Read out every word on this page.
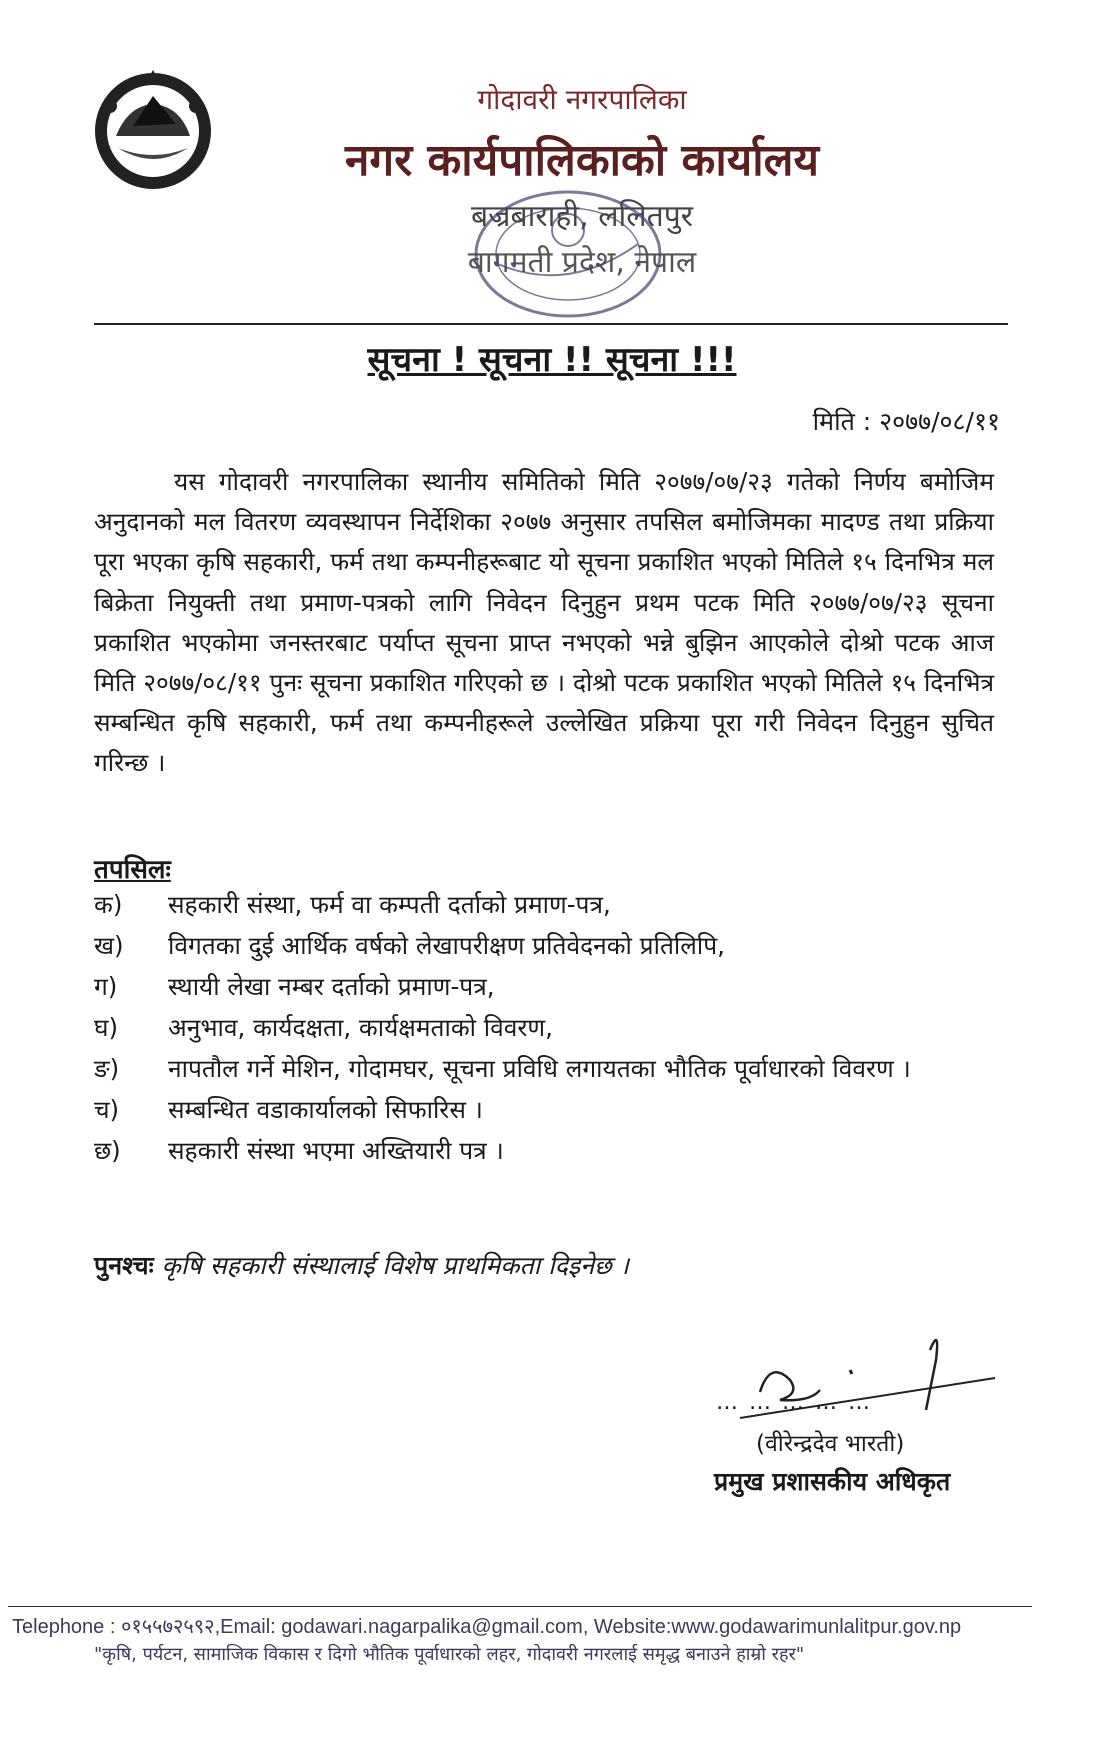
गोदावरी नगरपालिका
नगर कार्यपालिकाको कार्यालय
बज्रबाराही, ललितपुर
बागमती प्रदेश, नेपाल
सूचना ! सूचना !! सूचना !!!
मिति : २०७७/०८/११
यस गोदावरी नगरपालिका स्थानीय समितिको मिति २०७७/०७/२३ गतेको निर्णय बमोजिम अनुदानको मल वितरण व्यवस्थापन निर्देशिका २०७७ अनुसार तपसिल बमोजिमका मादण्ड तथा प्रक्रिया पूरा भएका कृषि सहकारी, फर्म तथा कम्पनीहरूबाट यो सूचना प्रकाशित भएको मितिले १५ दिनभित्र मल बिक्रेता नियुक्ती तथा प्रमाण-पत्रको लागि निवेदन दिनुहुन प्रथम पटक मिति २०७७/०७/२३ सूचना प्रकाशित भएकोमा जनस्तरबाट पर्याप्त सूचना प्राप्त नभएको भन्ने बुझिन आएकोले दोश्रो पटक आज मिति २०७७/०८/११ पुनः सूचना प्रकाशित गरिएको छ । दोश्रो पटक प्रकाशित भएको मितिले १५ दिनभित्र सम्बन्धित कृषि सहकारी, फर्म तथा कम्पनीहरूले उल्लेखित प्रक्रिया पूरा गरी निवेदन दिनुहुन सुचित गरिन्छ ।
तपसिलः
क)	सहकारी संस्था, फर्म वा कम्पती दर्ताको प्रमाण-पत्र,
ख)	विगतका दुई आर्थिक वर्षको लेखापरीक्षण प्रतिवेदनको प्रतिलिपि,
ग)	स्थायी लेखा नम्बर दर्ताको प्रमाण-पत्र,
घ)	अनुभाव, कार्यदक्षता, कार्यक्षमताको विवरण,
ङ)	नापतौल गर्ने मेशिन, गोदामघर, सूचना प्रविधि लगायतका भौतिक पूर्वाधारको विवरण ।
च)	सम्बन्धित वडाकार्यालको सिफारिस ।
छ)	सहकारी संस्था भएमा अख्तियारी पत्र ।
पुनश्चः कृषि सहकारी संस्थालाई विशेष प्राथमिकता दिइनेछ ।
… … … … …
(वीरेन्द्रदेव भारती)
प्रमुख प्रशासकीय अधिकृत
Telephone : ०१५५७२५९२,Email: godawari.nagarpalika@gmail.com, Website:www.godawarimunlalitpur.gov.np
"कृषि, पर्यटन, सामाजिक विकास र दिगो भौतिक पूर्वाधारको लहर, गोदावरी नगरलाई समृद्ध बनाउने हाम्रो रहर"
